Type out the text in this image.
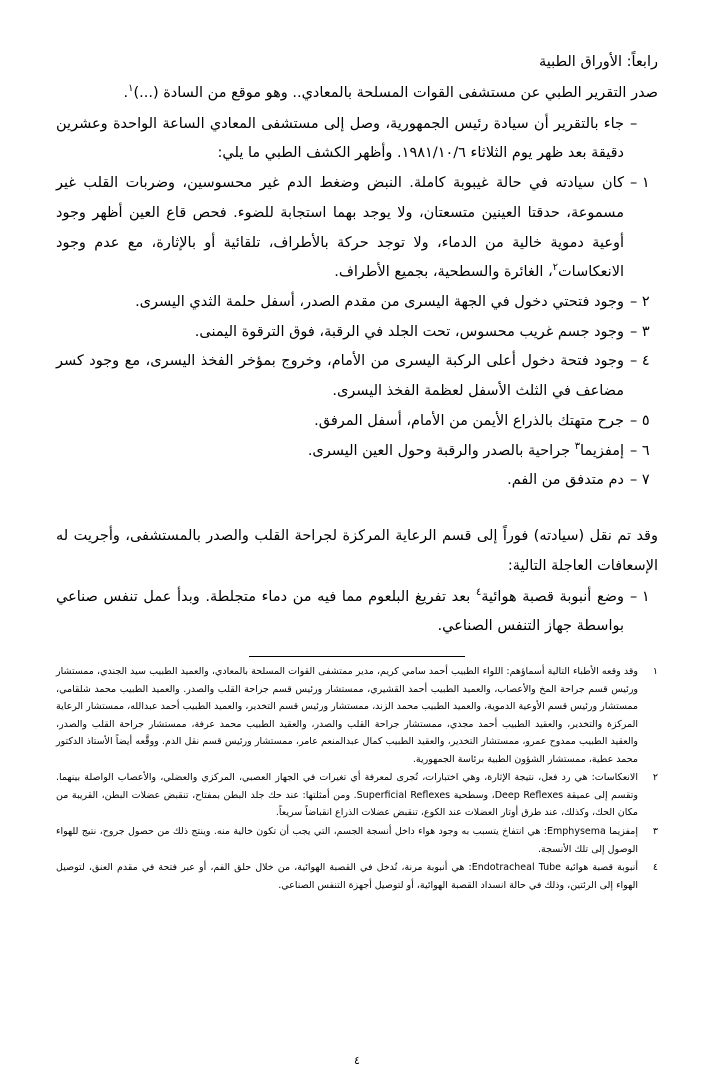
رابعاً: الأوراق الطبية
صدر التقرير الطبي عن مستشفى القوات المسلحة بالمعادي.. وهو موقع من السادة (...)$^١$.
–
جاء بالتقرير أن سيادة رئيس الجمهورية، وصل إلى مستشفى المعادي الساعة الواحدة وعشرين دقيقة بعد ظهر يوم الثلاثاء ١٩٨١/١٠/٦. وأظهر الكشف الطبي ما يلي:
١ –
كان سيادته في حالة غيبوبة كاملة. النبض وضغط الدم غير محسوسين، وضربات القلب غير مسموعة، حدقتا العينين متسعتان، ولا يوجد بهما استجابة للضوء. فحص قاع العين أظهر وجود أوعية دموية خالية من الدماء، ولا توجد حركة بالأطراف، تلقائية أو بالإثارة، مع عدم وجود الانعكاسات$^٢$، الغائرة والسطحية، بجميع الأطراف.
٢ –
وجود فتحتي دخول في الجهة اليسرى من مقدم الصدر، أسفل حلمة الثدي اليسرى.
٣ –
وجود جسم غريب محسوس، تحت الجلد في الرقبة، فوق الترقوة اليمنى.
٤ –
وجود فتحة دخول أعلى الركبة اليسرى من الأمام، وخروج بمؤخر الفخذ اليسرى، مع وجود كسر مضاعف في الثلث الأسفل لعظمة الفخذ اليسرى.
٥ –
جرح متهتك بالذراع الأيمن من الأمام، أسفل المرفق.
٦ –
إمفزيما$^٣$ جراحية بالصدر والرقبة وحول العين اليسرى.
٧ –
دم متدفق من الفم.
وقد تم نقل (سيادته) فوراً إلى قسم الرعاية المركزة لجراحة القلب والصدر بالمستشفى، وأجريت له الإسعافات العاجلة التالية:
١ –
وضع أنبوبة قصبة هوائية$^٤$ بعد تفريغ البلعوم مما فيه من دماء متجلطة. وبدأ عمل تنفس صناعي بواسطة جهاز التنفس الصناعي.
١
وقد وقعه الأطباء التالية أسماؤهم: اللواء الطبيب أحمد سامي كريم، مدير ممتشفى القوات المسلحة بالمعادي، والعميد الطبيب سيد الجندي، ممستشار ورئيس قسم جراحة المخ والأعصاب، والعميد الطبيب أحمد القشيري، ممستشار ورئيس قسم جراحة القلب والصدر. والعميد الطبيب محمد شلقامي، ممستشار ورئيس قسم الأوعية الدموية، والعميد الطبيب محمد الزند، ممستشار ورئيس قسم التخدير، والعميد الطبيب أحمد عبدالله، ممستشار الرعاية المركزة والتخدير، والعقيد الطبيب أحمد مجدي، ممستشار جراحة القلب والصدر، والعقيد الطبيب محمد عرفة، ممستشار جراحة القلب والصدر، والعقيد الطبيب ممدوح عمرو، ممستشار التخدير، والعقيد الطبيب كمال عبدالمنعم عامر، ممستشار ورئيس قسم نقل الدم. ووقَّعه أيضاً الأستاذ الدكتور محمد عطية، ممستشار الشؤون الطبية برئاسة الجمهورية.
٢
الانعكاسات: هي رد فعل، نتيجة الإثارة، وهي اختبارات، تُجرى لمعرفة أي تغيرات في الجهاز العصبي، المركزي والعضلي، والأعصاب الواصلة بينهما. وتقسم إلى عميقة Deep Reflexes، وسطحية Superficial Reflexes. ومن أمثلتها: عند حك جلد البطن بمفتاح، تنقبض عضلات البطن، القريبة من مكان الحك، وكذلك، عند طرق أوتار العضلات عند الكوع، تنقبض عضلات الذراع انقباضاً سريعاً.
٣
إمفزيما Emphysema: هي انتفاخ يتسبب به وجود هواء داخل أنسجة الجسم، التي يجب أن تكون خالية منه. وينتج ذلك من حصول جروح، نتيج للهواء الوصول إلى تلك الأنسجة.
٤
أنبوبة قصبة هوائية Endotracheal Tube: هي أنبوبة مرنة، تُدخل في القصبة الهوائية، من خلال حلق الفم، أو عبر فتحة في مقدم العنق، لتوصيل الهواء إلى الرئتين، وذلك في حالة انسداد القصبة الهوائية، أو لتوصيل أجهزة التنفس الصناعي.
٤
